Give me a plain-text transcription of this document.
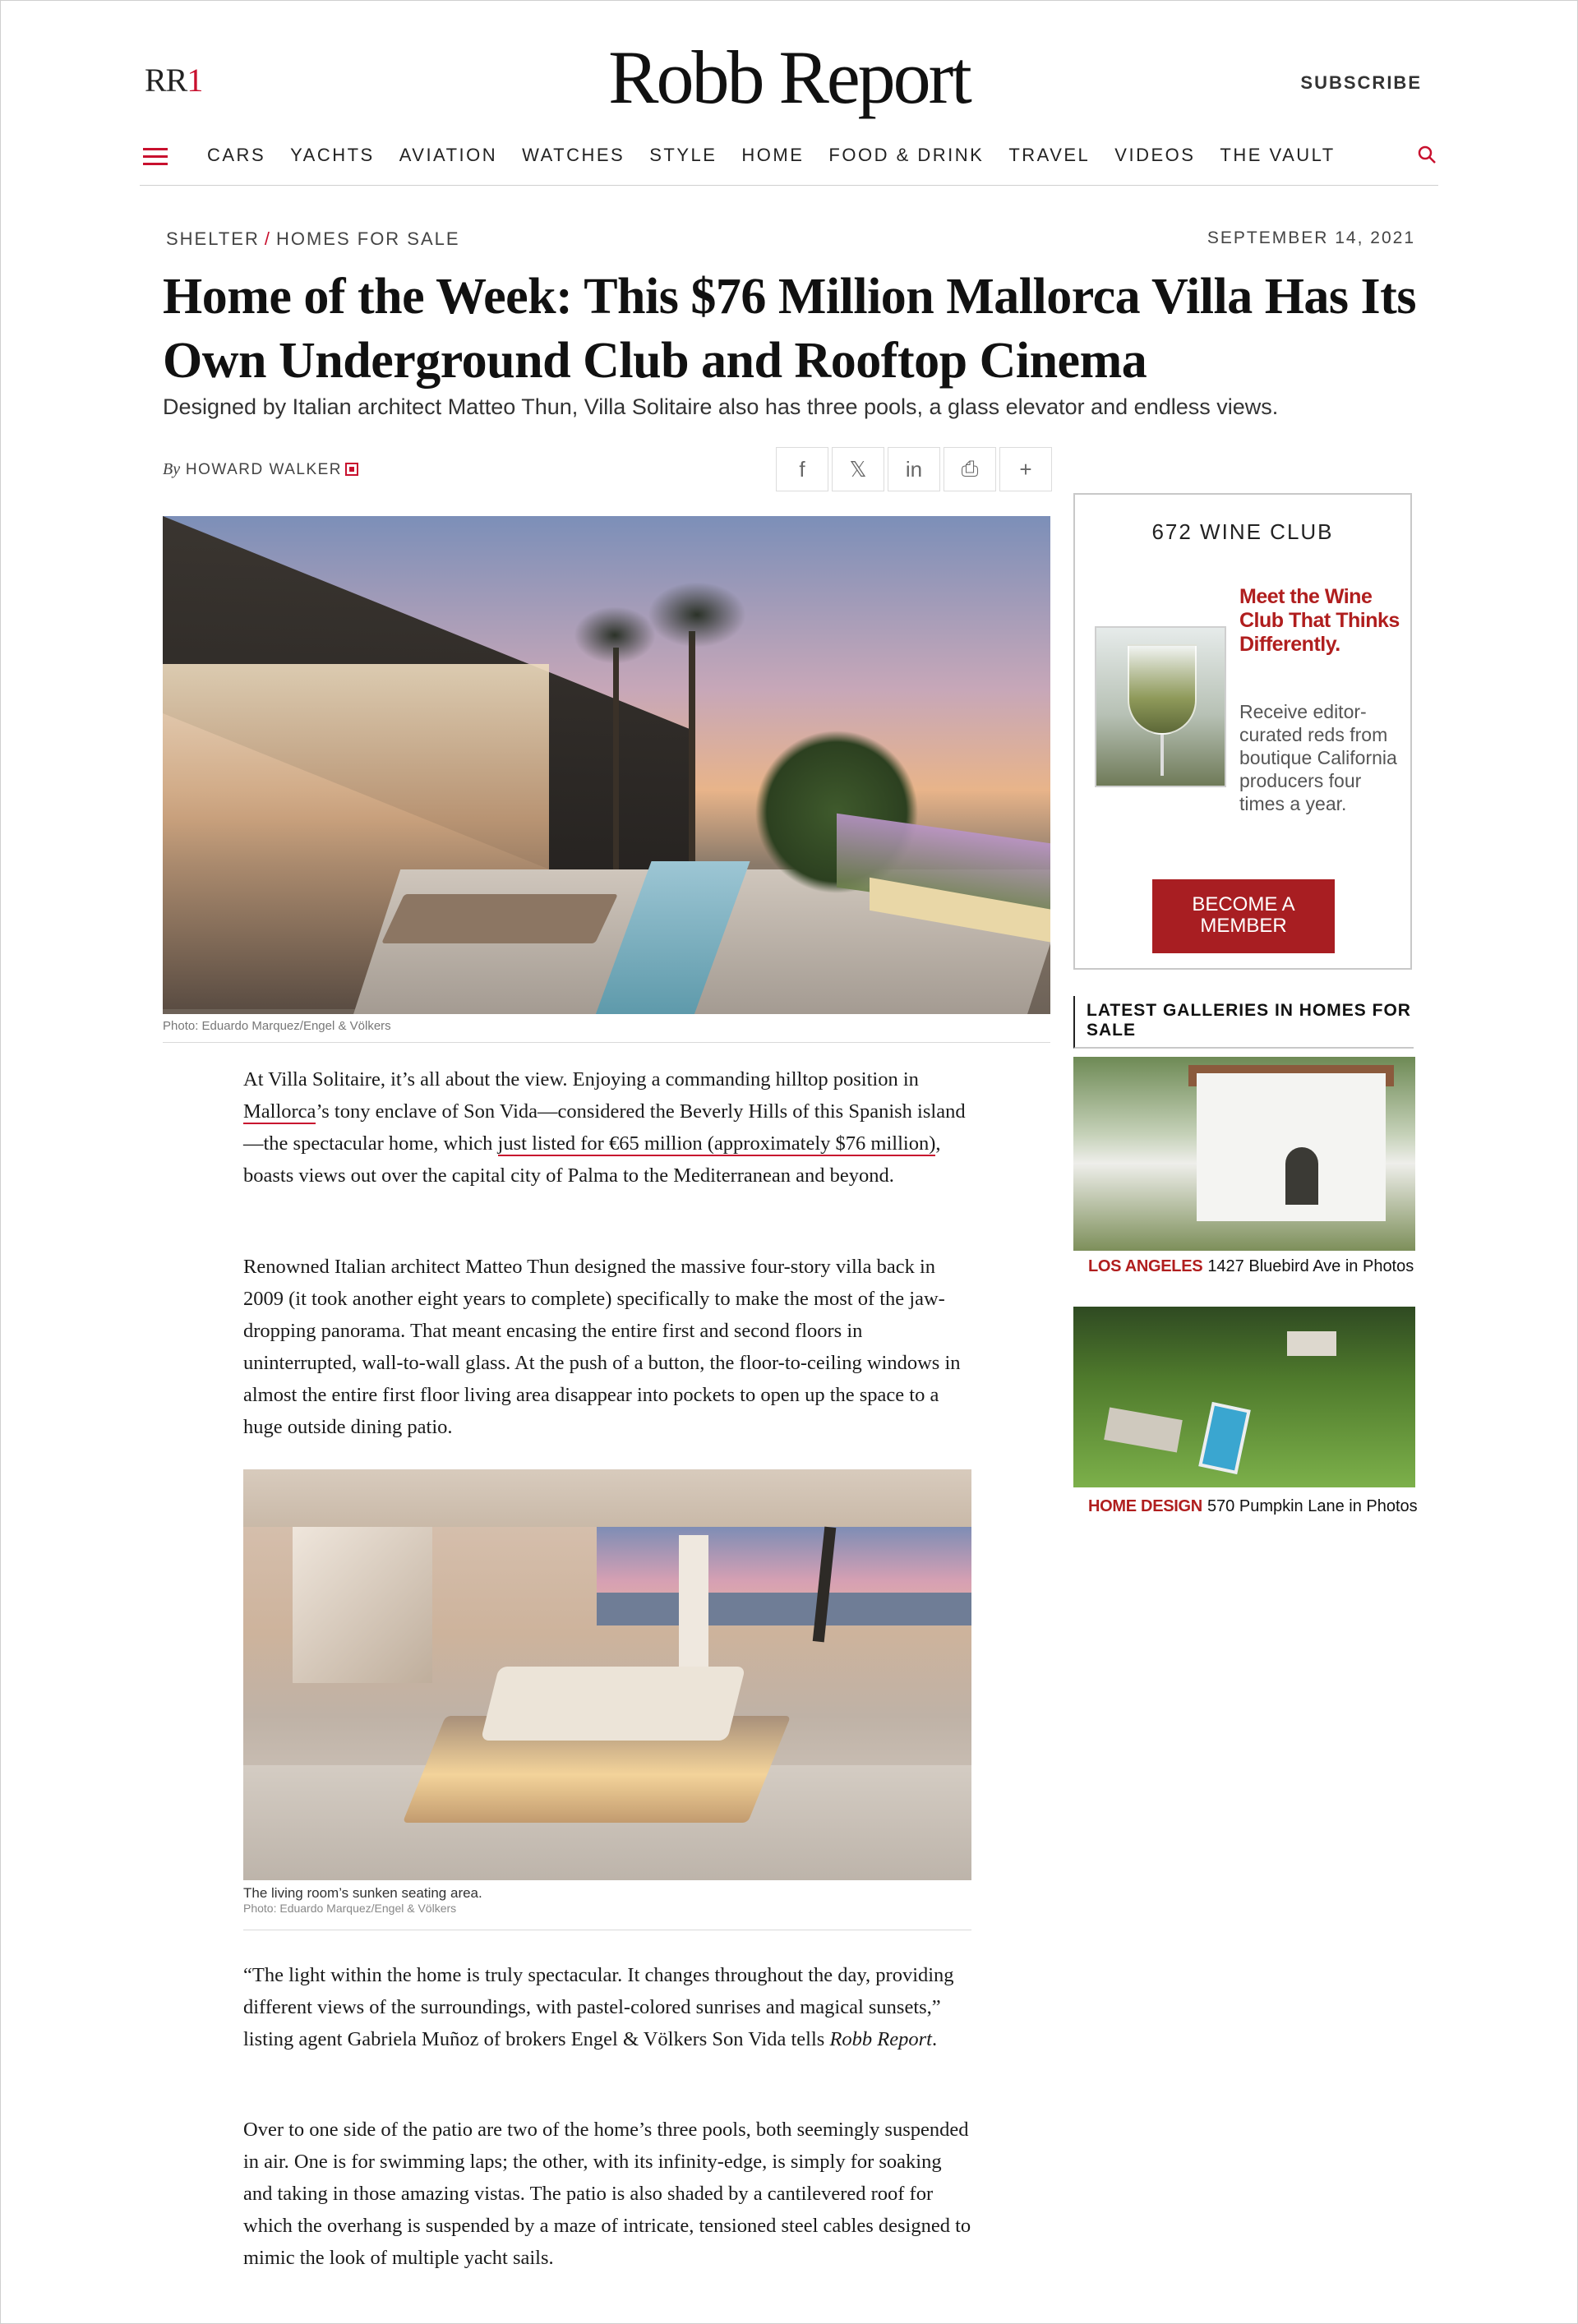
RR1	Robb Report	SUBSCRIBE
CARS YACHTS AVIATION WATCHES STYLE HOME FOOD & DRINK TRAVEL VIDEOS THE VAULT
SHELTER / HOMES FOR SALE	SEPTEMBER 14, 2021
Home of the Week: This $76 Million Mallorca Villa Has Its Own Underground Club and Rooftop Cinema

Designed by Italian architect Matteo Thun, Villa Solitaire also has three pools, a glass elevator and endless views.

By HOWARD WALKER	f	𝕏	in	⎙	+
Photo: Eduardo Marquez/Engel & Völkers

At Villa Solitaire, it’s all about the view. Enjoying a commanding hilltop position in Mallorca’s tony enclave of Son Vida—considered the Beverly Hills of this Spanish island—the spectacular home, which just listed for €65 million (approximately $76 million), boasts views out over the capital city of Palma to the Mediterranean and beyond.

Renowned Italian architect Matteo Thun designed the massive four-story villa back in 2009 (it took another eight years to complete) specifically to make the most of the jaw-dropping panorama. That meant encasing the entire first and second floors in uninterrupted, wall-to-wall glass. At the push of a button, the floor-to-ceiling windows in almost the entire first floor living area disappear into pockets to open up the space to a huge outside dining patio.

The living room’s sunken seating area.
Photo: Eduardo Marquez/Engel & Völkers

“The light within the home is truly spectacular. It changes throughout the day, providing different views of the surroundings, with pastel-colored sunrises and magical sunsets,” listing agent Gabriela Muñoz of brokers Engel & Völkers Son Vida tells Robb Report.

Over to one side of the patio are two of the home’s three pools, both seemingly suspended in air. One is for swimming laps; the other, with its infinity-edge, is simply for soaking and taking in those amazing vistas. The patio is also shaded by a cantilevered roof for which the overhang is suspended by a maze of intricate, tensioned steel cables designed to mimic the look of multiple yacht sails.

672 WINE CLUB
Meet the Wine Club That Thinks Differently.
Receive editor-curated reds from boutique California producers four times a year.
BECOME A MEMBER
LATEST GALLERIES IN HOMES FOR SALE
LOS ANGELES 1427 Bluebird Ave in Photos
HOME DESIGN 570 Pumpkin Lane in Photos
